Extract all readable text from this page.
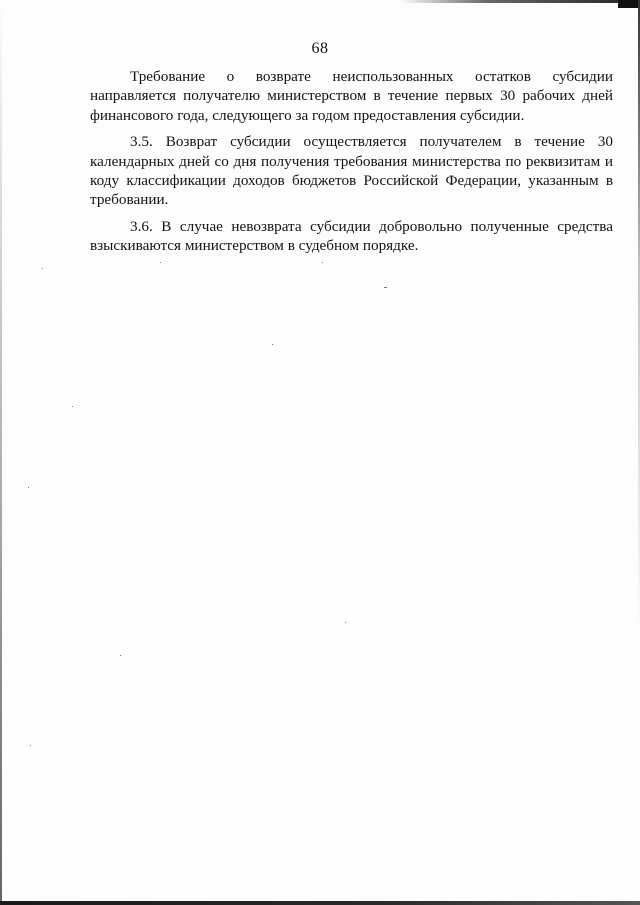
68

Требование о возврате неиспользованных остатков субсидии направляется получателю министерством в течение первых 30 рабочих дней финансового года, следующего за годом предоставления субсидии.

3.5. Возврат субсидии осуществляется получателем в течение 30 календарных дней со дня получения требования министерства по реквизитам и коду классификации доходов бюджетов Российской Федерации, указанным в требовании.

3.6. В случае невозврата субсидии добровольно полученные средства взыскиваются министерством в судебном порядке.
